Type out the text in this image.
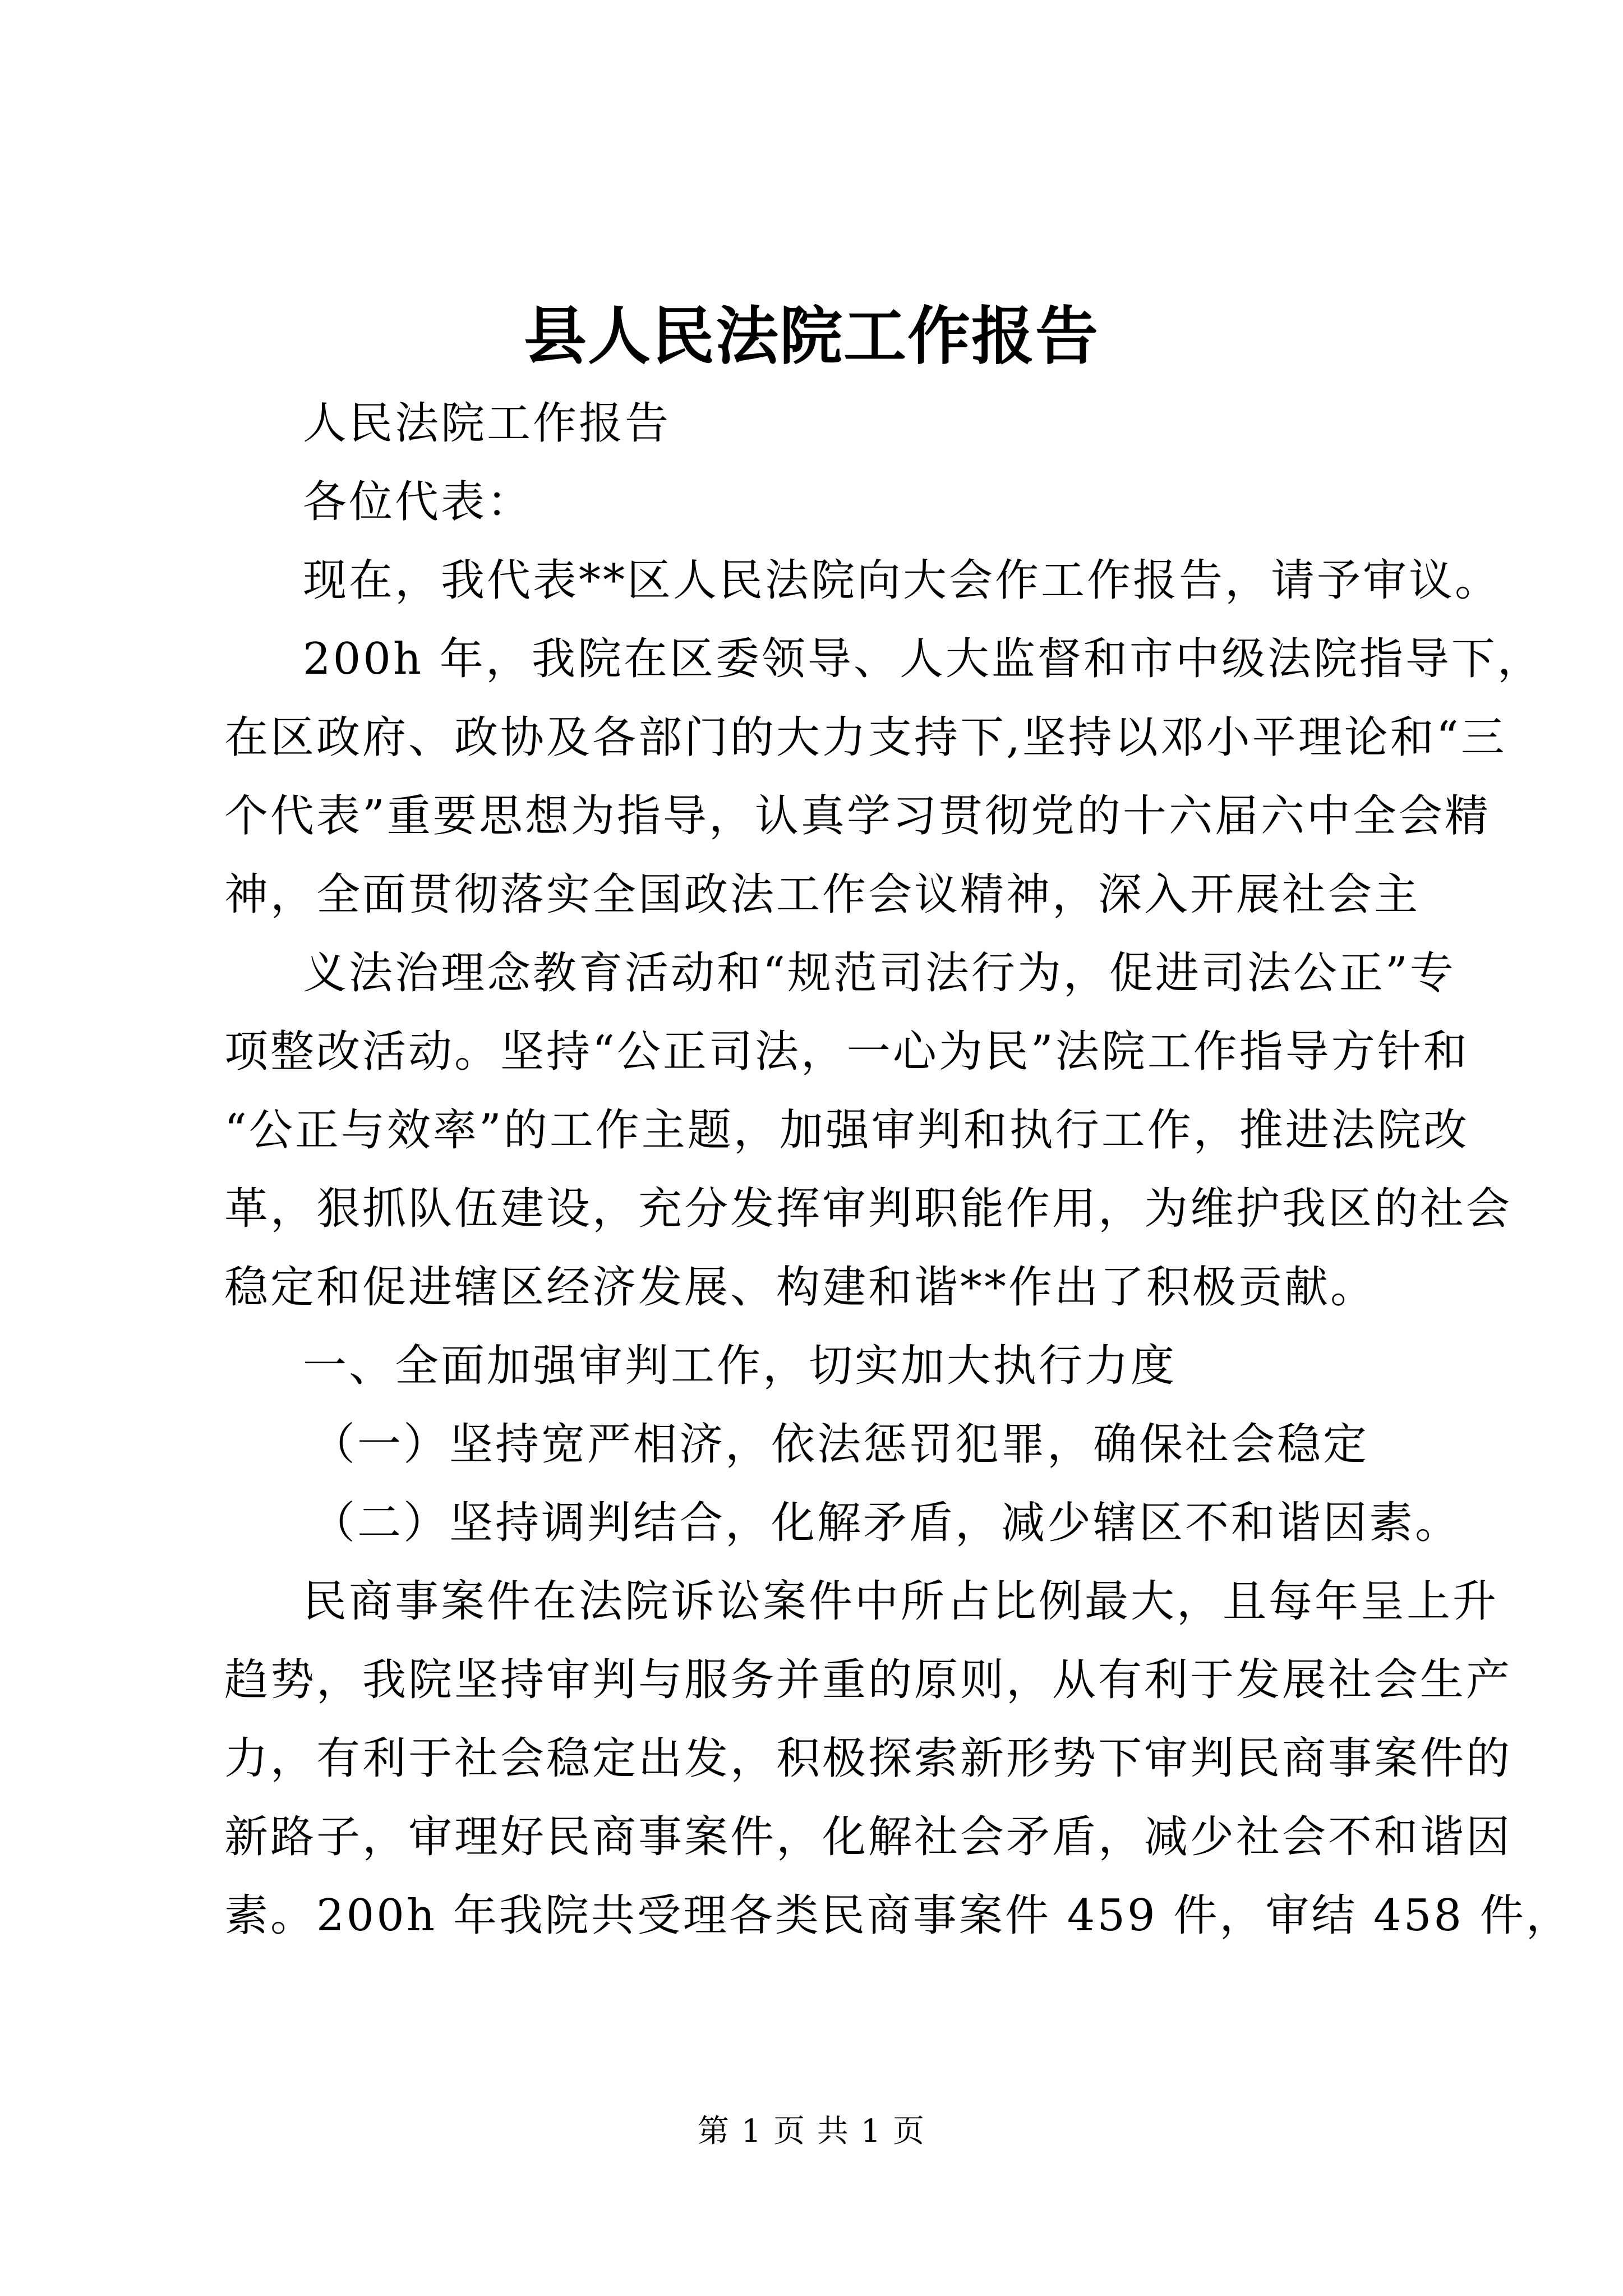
县人民法院工作报告
人民法院工作报告
各位代表：
现在，我代表**区人民法院向大会作工作报告，请予审议。
200h 年，我院在区委领导、人大监督和市中级法院指导下，
在区政府、政协及各部门的大力支持下,坚持以邓小平理论和“三
个代表”重要思想为指导，认真学习贯彻党的十六届六中全会精
神，全面贯彻落实全国政法工作会议精神，深入开展社会主
义法治理念教育活动和“规范司法行为，促进司法公正”专
项整改活动。坚持“公正司法，一心为民”法院工作指导方针和
“公正与效率”的工作主题，加强审判和执行工作，推进法院改
革，狠抓队伍建设，充分发挥审判职能作用，为维护我区的社会
稳定和促进辖区经济发展、构建和谐**作出了积极贡献。
一、全面加强审判工作，切实加大执行力度
（一）坚持宽严相济，依法惩罚犯罪，确保社会稳定
（二）坚持调判结合，化解矛盾，减少辖区不和谐因素。
民商事案件在法院诉讼案件中所占比例最大，且每年呈上升
趋势，我院坚持审判与服务并重的原则，从有利于发展社会生产
力，有利于社会稳定出发，积极探索新形势下审判民商事案件的
新路子，审理好民商事案件，化解社会矛盾，减少社会不和谐因
素。200h 年我院共受理各类民商事案件 459 件，审结 458 件，
第 1 页 共 1 页
